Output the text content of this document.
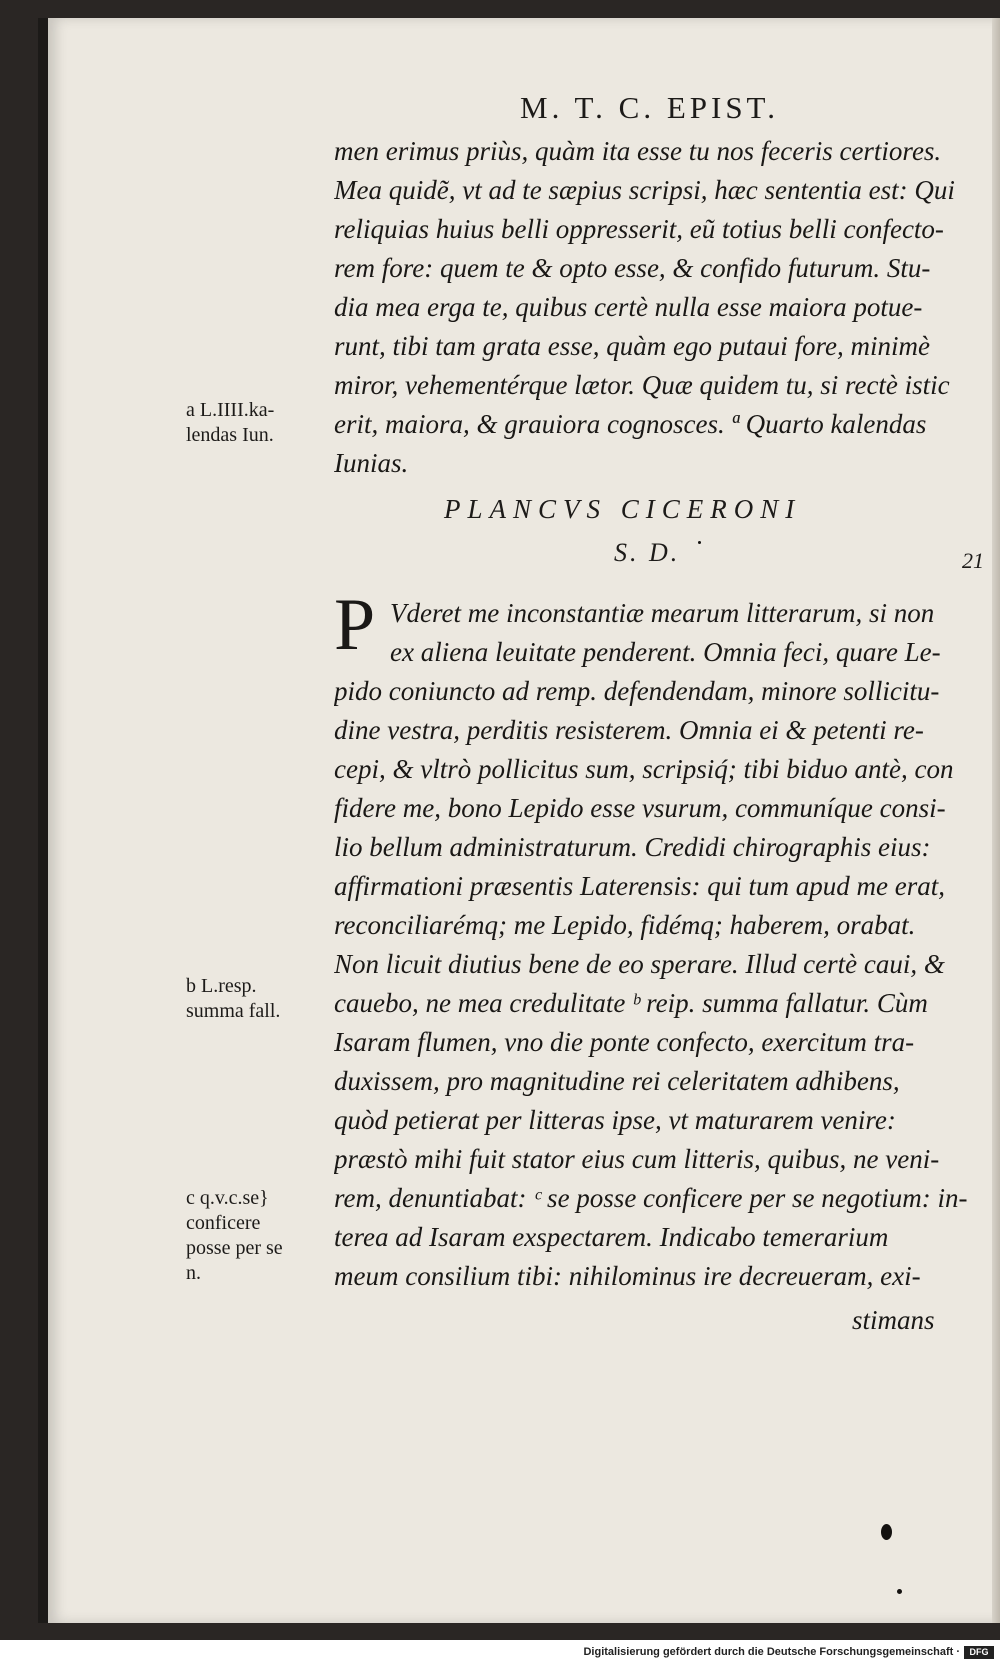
M. T. C. EPIST.
men erimus priùs, quàm ita esse tu nos feceris certiores.
Mea quidẽ, vt ad te sæpius scripsi, hæc sententia est: Qui
reliquias huius belli oppresserit, eũ totius belli confecto-
rem fore: quem te & opto esse, & confido futurum. Stu-
dia mea erga te, quibus certè nulla esse maiora potue-
runt, tibi tam grata esse, quàm ego putaui fore, minimè
miror, vehementérque lætor. Quæ quidem tu, si rectè istic
erit, maiora, & grauiora cognosces. ª Quarto kalendas
Iunias.
a L.IIII.ka-
lendas Iun.
PLANCVS CICERONI
S. D.	21
P Vderet me inconstantiæ mearum litterarum, si non
ex aliena leuitate penderent. Omnia feci, quare Le-
pido coniuncto ad remp. defendendam, minore sollicitu-
dine vestra, perditis resisterem. Omnia ei & petenti re-
cepi, & vltrò pollicitus sum, scripsiq́; tibi biduo antè, con
fidere me, bono Lepido esse vsurum, communíque consi-
lio bellum administraturum. Credidi chirographis eius:
affirmationi præsentis Laterensis: qui tum apud me erat,
reconciliarémq; me Lepido, fidémq; haberem, orabat.
Non licuit diutius bene de eo sperare. Illud certè caui, &
cauebo, ne mea credulitate ᵇ reip. summa fallatur. Cùm
Isaram flumen, vno die ponte confecto, exercitum tra-
duxissem, pro magnitudine rei celeritatem adhibens,
quòd petierat per litteras ipse, vt maturarem venire:
præstò mihi fuit stator eius cum litteris, quibus, ne veni-
rem, denuntiabat: ᶜ se posse conficere per se negotium: in-
terea ad Isaram exspectarem. Indicabo temerarium
meum consilium tibi: nihilominus ire decreueram, exi-
b L.resp.
summa fall.
c q.v.c.se}
conficere
posse per se
n.
stimans
Digitalisierung gefördert durch die Deutsche Forschungsgemeinschaft ·	DFG
